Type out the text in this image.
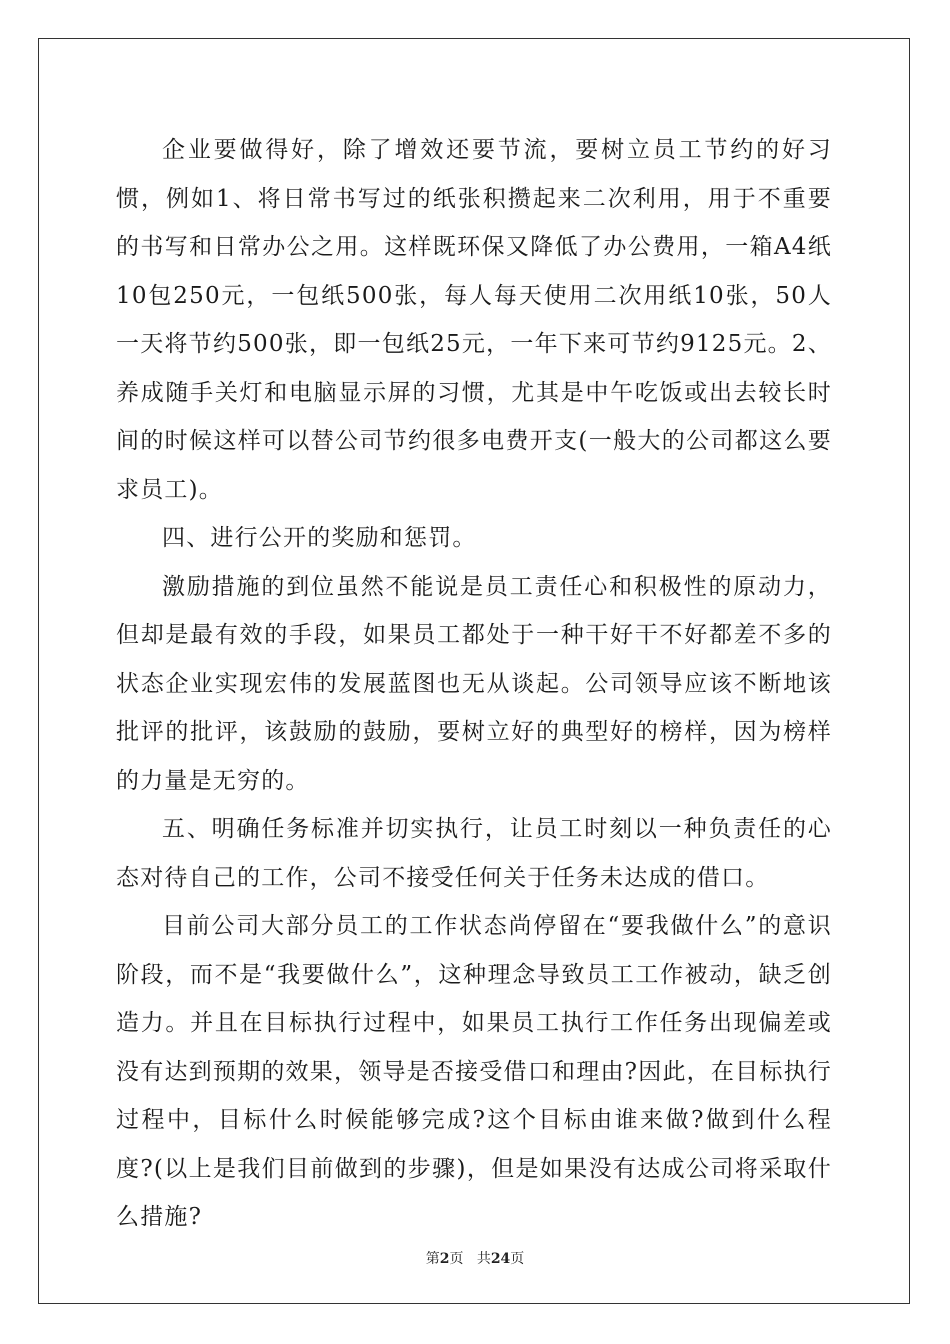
企业要做得好，除了增效还要节流，要树立员工节约的好习惯，例如1、将日常书写过的纸张积攒起来二次利用，用于不重要的书写和日常办公之用。这样既环保又降低了办公费用，一箱A4纸10包250元，一包纸500张，每人每天使用二次用纸10张，50人一天将节约500张，即一包纸25元，一年下来可节约9125元。2、养成随手关灯和电脑显示屏的习惯，尤其是中午吃饭或出去较长时间的时候这样可以替公司节约很多电费开支(一般大的公司都这么要求员工)。

四、进行公开的奖励和惩罚。

激励措施的到位虽然不能说是员工责任心和积极性的原动力，但却是最有效的手段，如果员工都处于一种干好干不好都差不多的状态企业实现宏伟的发展蓝图也无从谈起。公司领导应该不断地该批评的批评，该鼓励的鼓励，要树立好的典型好的榜样，因为榜样的力量是无穷的。

五、明确任务标准并切实执行，让员工时刻以一种负责任的心态对待自己的工作，公司不接受任何关于任务未达成的借口。

目前公司大部分员工的工作状态尚停留在“要我做什么”的意识阶段，而不是“我要做什么”，这种理念导致员工工作被动，缺乏创造力。并且在目标执行过程中，如果员工执行工作任务出现偏差或没有达到预期的效果，领导是否接受借口和理由?因此，在目标执行过程中，目标什么时候能够完成?这个目标由谁来做?做到什么程度?(以上是我们目前做到的步骤)，但是如果没有达成公司将采取什么措施?

第2页 共24页
